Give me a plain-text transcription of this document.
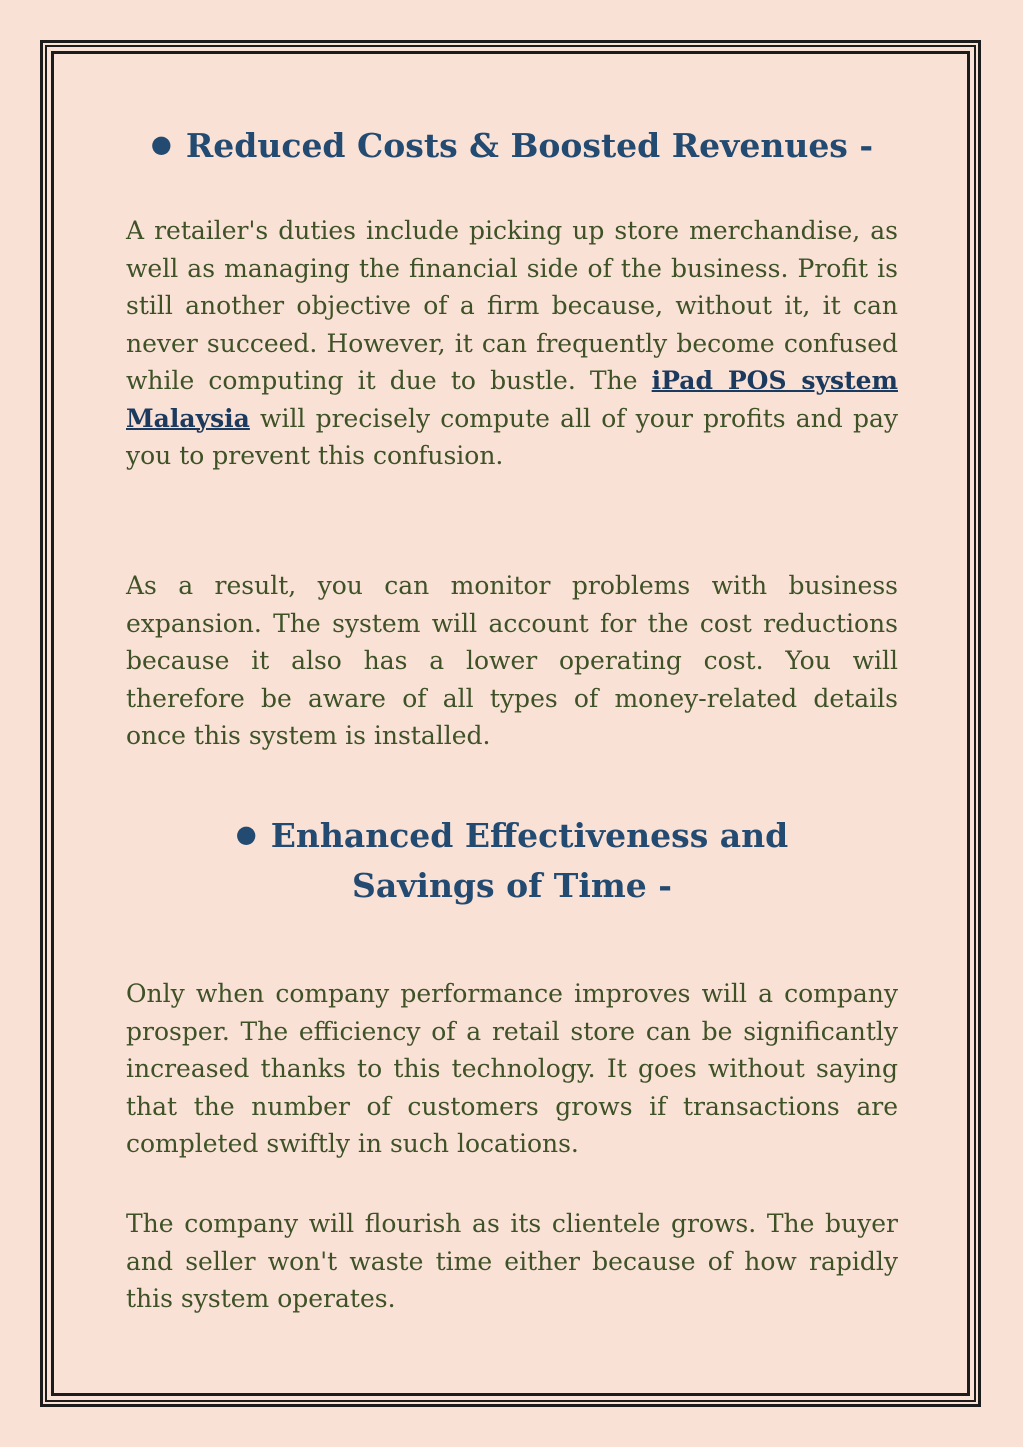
● Reduced Costs & Boosted Revenues -

A retailer's duties include picking up store merchandise, as well as managing the financial side of the business. Profit is still another objective of a firm because, without it, it can never succeed. However, it can frequently become confused while computing it due to bustle. The iPad POS system Malaysia will precisely compute all of your profits and pay you to prevent this confusion.

As a result, you can monitor problems with business expansion. The system will account for the cost reductions because it also has a lower operating cost. You will therefore be aware of all types of money-related details once this system is installed.

● Enhanced Effectiveness and
Savings of Time -

Only when company performance improves will a company prosper. The efficiency of a retail store can be significantly increased thanks to this technology. It goes without saying that the number of customers grows if transactions are completed swiftly in such locations.

The company will flourish as its clientele grows. The buyer and seller won't waste time either because of how rapidly this system operates.
